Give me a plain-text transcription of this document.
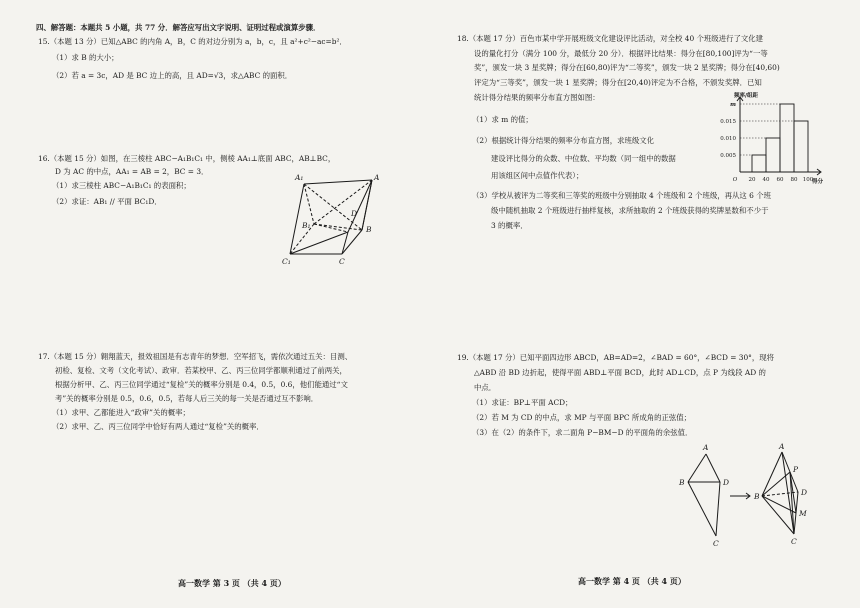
四、解答题：本题共 5 小题，共 77 分．解答应写出文字说明、证明过程或演算步骤．
15.（本题 13 分）已知△ABC 的内角 A，B，C 的对边分别为 a，b，c，且 a²+c²−ac=b²．
（1）求 B 的大小；
（2）若 a = 3c，AD 是 BC 边上的高，且 AD=√3，求△ABC 的面积．
16.（本题 15 分）如图，在三棱柱 ABC−A₁B₁C₁ 中，侧棱 AA₁⊥底面 ABC，AB⊥BC，
D 为 AC 的中点，AA₁ = AB = 2，BC = 3．
（1）求三棱柱 ABC−A₁B₁C₁ 的表面积；
（2）求证：AB₁ // 平面 BC₁D．
A₁	A
D
B₁	B
C₁	C
17.（本题 15 分）翱翔蓝天，报效祖国是有志青年的梦想．空军招飞，需依次通过五关：目测、
初检、复检、文考（文化考试）、政审．若某校甲、乙、丙三位同学都顺利通过了前两关，
根据分析甲、乙、丙三位同学通过“复检”关的概率分别是 0.4，0.5，0.6，他们能通过“文
考”关的概率分别是 0.5，0.6，0.5，若每人后三关的每一关是否通过互不影响．
（1）求甲、乙都能进入“政审”关的概率；
（2）求甲、乙、丙三位同学中恰好有两人通过“复检”关的概率．
高一数学 第 3 页 （共 4 页）
18.（本题 17 分）百色市某中学开展班级文化建设评比活动，对全校 40 个班级进行了文化建
设的量化打分（满分 100 分，最低分 20 分）．根据评比结果：得分在[80,100]评为“一等
奖”，颁发一块 3 星奖牌；得分在[60,80)评为“二等奖”，颁发一块 2 星奖牌；得分在[40,60)
评定为“三等奖”，颁发一块 1 星奖牌；得分在[20,40)评定为不合格，不颁发奖牌．已知
统计得分结果的频率分布直方图如图：
（1）求 m 的值；
（2）根据统计得分结果的频率分布直方图，求班级文化
建设评比得分的众数、中位数、平均数（同一组中的数据
用该组区间中点值作代表）；
（3）学校从被评为二等奖和三等奖的班级中分别抽取 4 个班级和 2 个班级，再从这 6 个班
级中随机抽取 2 个班级进行抽样复核，求所抽取的 2 个班级获得的奖牌星数和不少于
3 的概率．
频率/组距
得分
m
0.015
0.010
0.005
O 20 40 60 80 100
19.（本题 17 分）已知平面四边形 ABCD，AB=AD=2，∠BAD = 60°，∠BCD = 30°，现将
△ABD 沿 BD 边折起，使得平面 ABD⊥平面 BCD，此时 AD⊥CD，点 P 为线段 AD 的
中点．
（1）求证：BP⊥平面 ACD；
（2）若 M 为 CD 的中点，求 MP 与平面 BPC 所成角的正弦值；
（3）在（2）的条件下，求二面角 P−BM−D 的平面角的余弦值．
A
B	D
C
A
B	D
P
M
C
高一数学 第 4 页 （共 4 页）
